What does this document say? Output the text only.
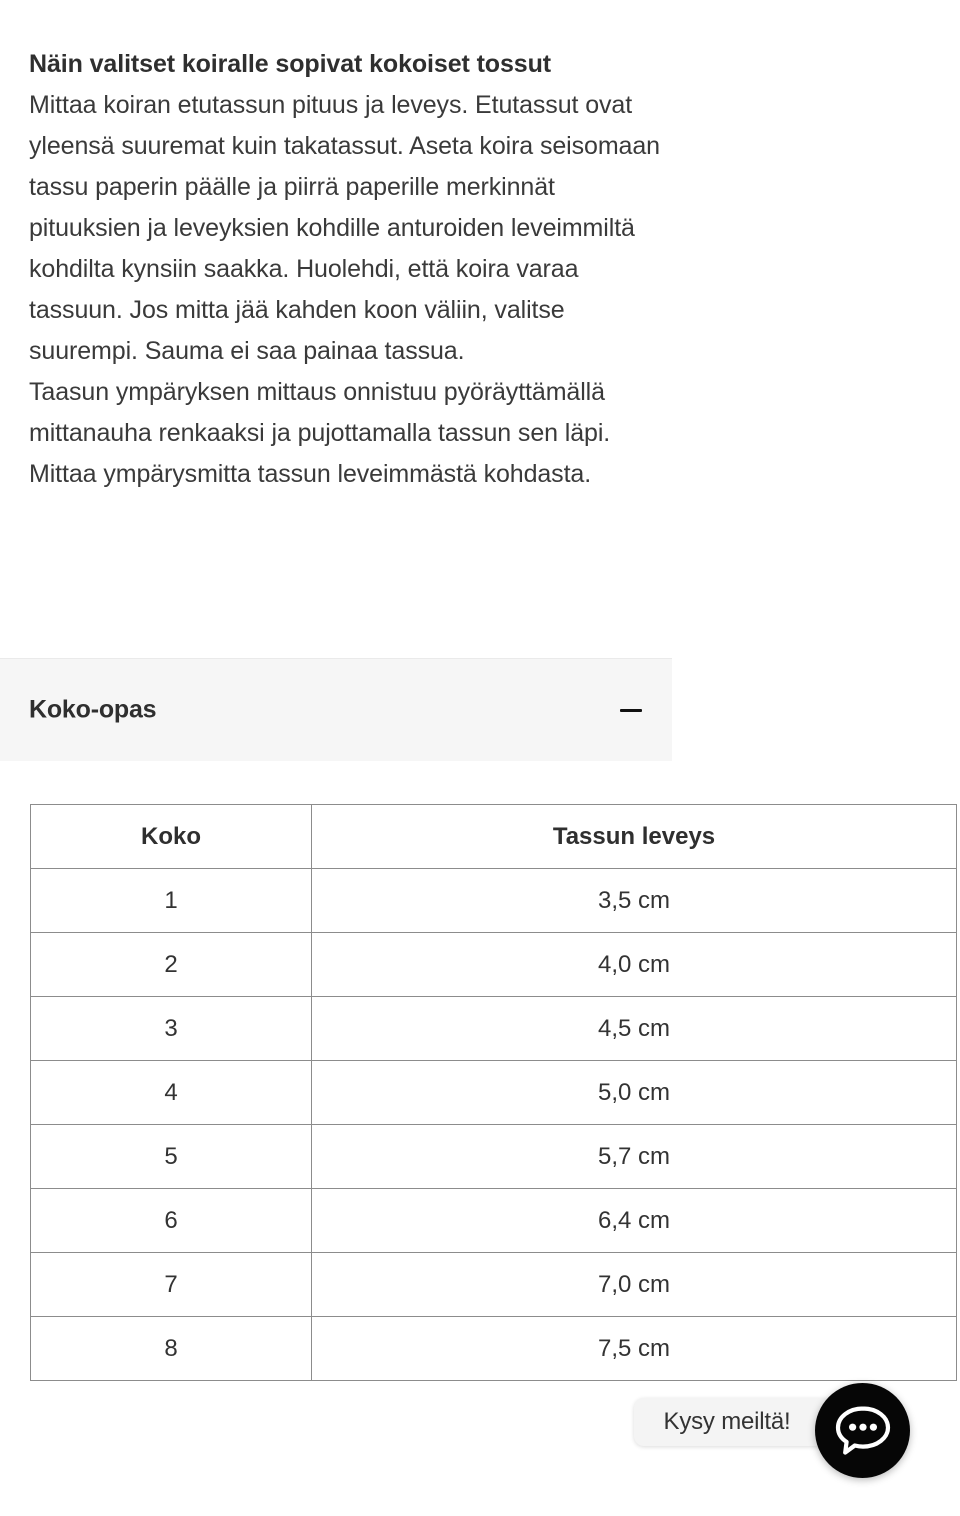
Näin valitset koiralle sopivat kokoiset tossut
Mittaa koiran etutassun pituus ja leveys. Etutassut ovat yleensä suuremat kuin takatassut. Aseta koira seisomaan tassu paperin päälle ja piirrä paperille merkinnät pituuksien ja leveyksien kohdille anturoiden leveimmiltä kohdilta kynsiin saakka. Huolehdi, että koira varaa tassuun. Jos mitta jää kahden koon väliin, valitse suurempi. Sauma ei saa painaa tassua.
Taasun ympäryksen mittaus onnistuu pyöräyttämällä mittanauha renkaaksi ja pujottamalla tassun sen läpi. Mittaa ympärysmitta tassun leveimmästä kohdasta.
Koko-opas
Koko	Tassun leveys
1	3,5 cm
2	4,0 cm
3	4,5 cm
4	5,0 cm
5	5,7 cm
6	6,4 cm
7	7,0 cm
8	7,5 cm
Kysy meiltä!
